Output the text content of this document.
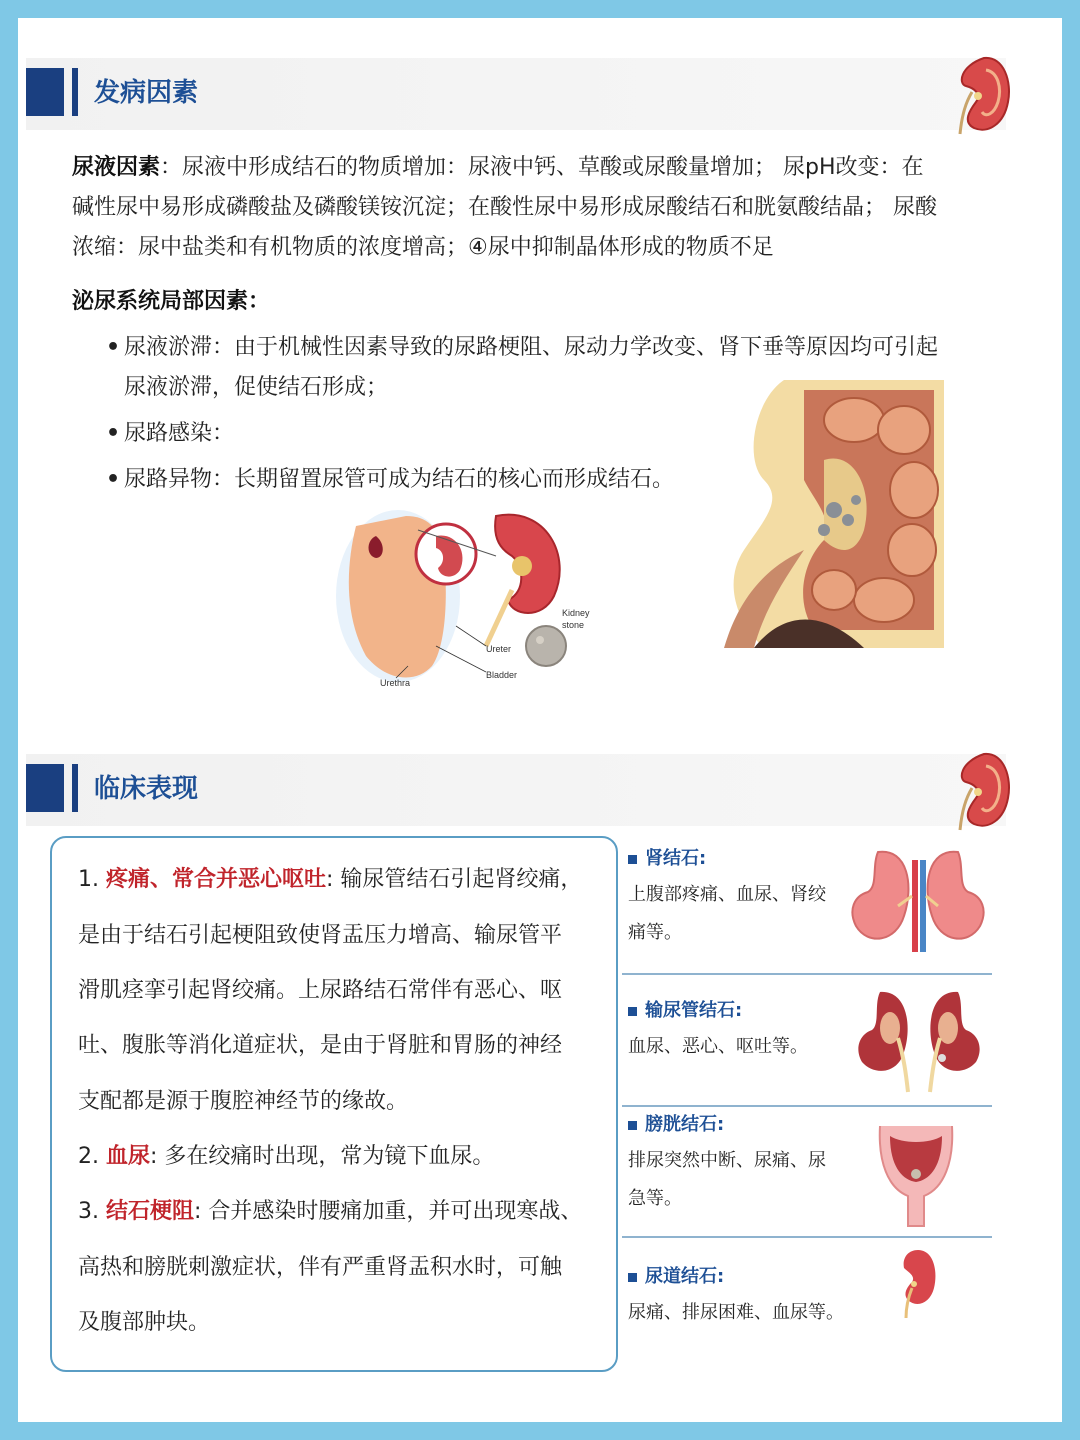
发病因素
尿液因素：尿液中形成结石的物质增加：尿液中钙、草酸或尿酸量增加； 尿pH改变：在
碱性尿中易形成磷酸盐及磷酸镁铵沉淀；在酸性尿中易形成尿酸结石和胱氨酸结晶； 尿酸
浓缩：尿中盐类和有机物质的浓度增高；④尿中抑制晶体形成的物质不足
泌尿系统局部因素：
• 尿液淤滞：由于机械性因素导致的尿路梗阻、尿动力学改变、肾下垂等原因均可引起
尿液淤滞，促使结石形成；
• 尿路感染：
• 尿路异物：长期留置尿管可成为结石的核心而形成结石。
Kidney
stone
Ureter
Bladder
Urethra
临床表现
1. 疼痛、常合并恶心呕吐: 输尿管结石引起肾绞痛，
是由于结石引起梗阻致使肾盂压力增高、输尿管平
滑肌痉挛引起肾绞痛。上尿路结石常伴有恶心、呕
吐、腹胀等消化道症状，是由于肾脏和胃肠的神经
支配都是源于腹腔神经节的缘故。
2. 血尿: 多在绞痛时出现，常为镜下血尿。
3. 结石梗阻: 合并感染时腰痛加重，并可出现寒战、
高热和膀胱刺激症状，伴有严重肾盂积水时，可触
及腹部肿块。
肾结石:
上腹部疼痛、血尿、肾绞
痛等。
输尿管结石:
血尿、恶心、呕吐等。
膀胱结石:
排尿突然中断、尿痛、尿
急等。
尿道结石:
尿痛、排尿困难、血尿等。
